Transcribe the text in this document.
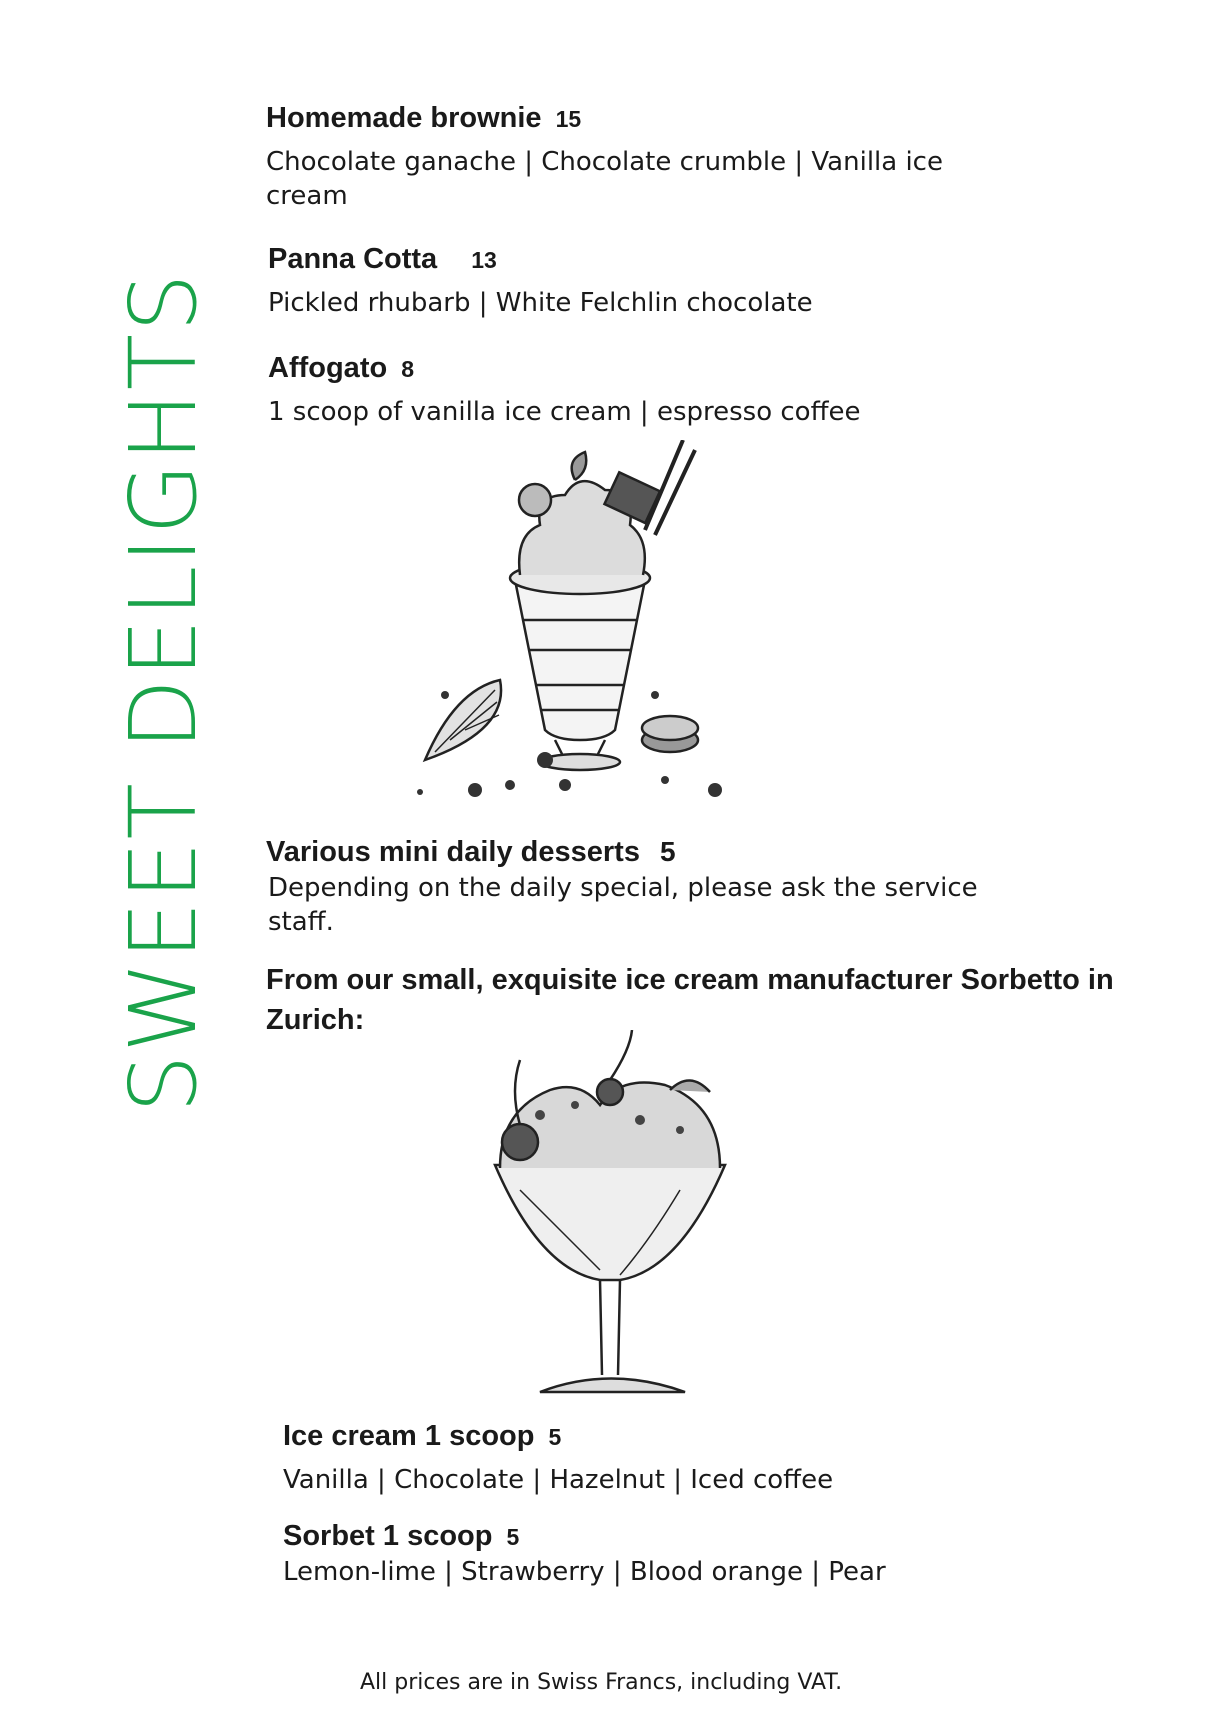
SWEET DELIGHTS
Homemade brownie 15
Chocolate ganache | Chocolate crumble | Vanilla ice cream
Panna Cotta 13
Pickled rhubarb | White Felchlin chocolate
Affogato 8
1 scoop of vanilla ice cream | espresso coffee
Various mini daily desserts 5
Depending on the daily special, please ask the service staff.
From our small, exquisite ice cream manufacturer Sorbetto in Zurich:
Ice cream 1 scoop 5
Vanilla | Chocolate | Hazelnut | Iced coffee
Sorbet 1 scoop 5
Lemon-lime | Strawberry | Blood orange | Pear
All prices are in Swiss Francs, including VAT.
